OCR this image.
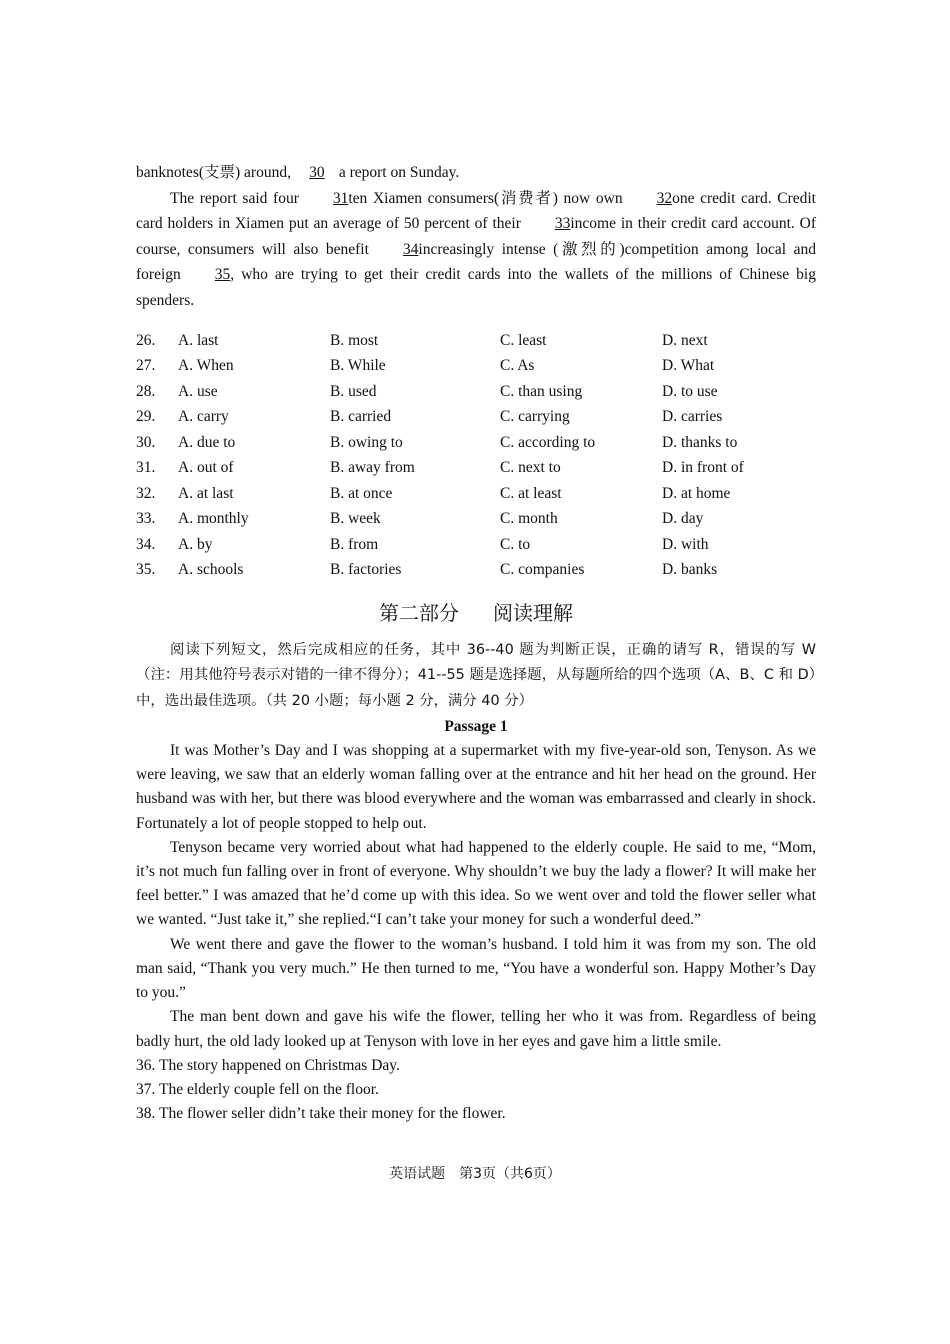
banknotes(支票) around, 30 a report on Sunday.

The report said four 31ten Xiamen consumers(消费者) now own 32one credit card. Credit card holders in Xiamen put an average of 50 percent of their 33income in their credit card account. Of course, consumers will also benefit 34increasingly intense (激烈的)competition among local and foreign 35, who are trying to get their credit cards into the wallets of the millions of Chinese big spenders.

26.	A. last	B. most	C. least	D. next
27.	A. When	B. While	C. As	D. What
28.	A. use	B. used	C. than using	D. to use
29.	A. carry	B. carried	C. carrying	D. carries
30.	A. due to	B. owing to	C. according to	D. thanks to
31.	A. out of	B. away from	C. next to	D. in front of
32.	A. at last	B. at once	C. at least	D. at home
33.	A. monthly	B. week	C. month	D. day
34.	A. by	B. from	C. to	D. with
35.	A. schools	B. factories	C. companies	D. banks
第二部分 阅读理解

阅读下列短文，然后完成相应的任务，其中 36--40 题为判断正误，正确的请写 R，错误的写 W（注：用其他符号表示对错的一律不得分）；41--55 题是选择题，从每题所给的四个选项（A、B、C 和 D）中，选出最佳选项。（共 20 小题；每小题 2 分，满分 40 分）

Passage 1

It was Mother’s Day and I was shopping at a supermarket with my five-year-old son, Tenyson. As we were leaving, we saw that an elderly woman falling over at the entrance and hit her head on the ground. Her husband was with her, but there was blood everywhere and the woman was embarrassed and clearly in shock. Fortunately a lot of people stopped to help out.

Tenyson became very worried about what had happened to the elderly couple. He said to me, “Mom, it’s not much fun falling over in front of everyone. Why shouldn’t we buy the lady a flower? It will make her feel better.” I was amazed that he’d come up with this idea. So we went over and told the flower seller what we wanted. “Just take it,” she replied.“I can’t take your money for such a wonderful deed.”

We went there and gave the flower to the woman’s husband. I told him it was from my son. The old man said, “Thank you very much.” He then turned to me, “You have a wonderful son. Happy Mother’s Day to you.”

The man bent down and gave his wife the flower, telling her who it was from. Regardless of being badly hurt, the old lady looked up at Tenyson with love in her eyes and gave him a little smile.

36. The story happened on Christmas Day.

37. The elderly couple fell on the floor.

38. The flower seller didn’t take their money for the flower.

英语试题　第3页（共6页）
